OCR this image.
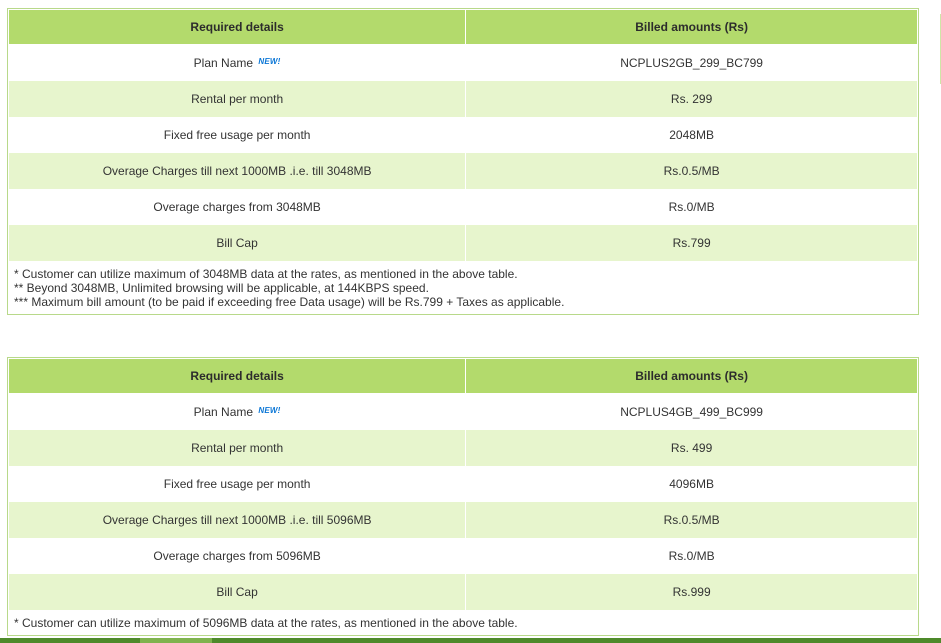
Required details	Billed amounts (Rs)
Plan Name NEW!	NCPLUS2GB_299_BC799
Rental per month	Rs. 299
Fixed free usage per month	2048MB
Overage Charges till next 1000MB .i.e. till 3048MB	Rs.0.5/MB
Overage charges from 3048MB	Rs.0/MB
Bill Cap	Rs.799
* Customer can utilize maximum of 3048MB data at the rates, as mentioned in the above table.
** Beyond 3048MB, Unlimited browsing will be applicable, at 144KBPS speed.
*** Maximum bill amount (to be paid if exceeding free Data usage) will be Rs.799 + Taxes as applicable.
Required details	Billed amounts (Rs)
Plan Name NEW!	NCPLUS4GB_499_BC999
Rental per month	Rs. 499
Fixed free usage per month	4096MB
Overage Charges till next 1000MB .i.e. till 5096MB	Rs.0.5/MB
Overage charges from 5096MB	Rs.0/MB
Bill Cap	Rs.999
* Customer can utilize maximum of 5096MB data at the rates, as mentioned in the above table.
